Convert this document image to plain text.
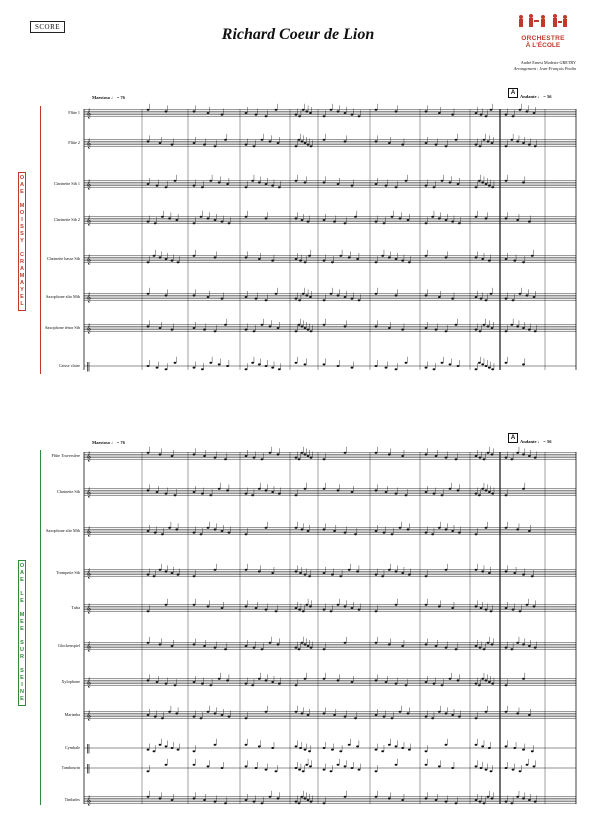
SCORE	Richard Coeur de Lion	ORCHESTRE
À L'ÉCOLE
André Ernest Modeste GRETRY
Arrangement : Jean-François Poulin
Maestoso ♩ = 76
A
Andante ♩ = 56
Maestoso ♩ = 76
A
Andante ♩ = 56
O
A
E

M
O
I
S
S
Y

C
R
A
M
A
Y
E
L
O
A
E

L
E

M
E
E

S
U
R

S
E
I
N
E
Flûte 1
Flûte 2
Clarinette Sib 1
Clarinette Sib 2
Clarinette basse Sib
Saxophone alto Mib
Saxophone ténor Sib
Caisse claire
Flûte Traversière
Clarinette Sib
Saxophone alto Mib
Trompette Sib
Tuba
Glockenspiel
Xylophone
Marimba
Cymbale
Tambourin
Timbales
𝄞
𝄞
𝄞
𝄞
𝄞
𝄞
𝄞
‖
𝄞
𝄞
𝄞
𝄞
𝄞
𝄞
𝄞
𝄞
‖
‖
𝄞
